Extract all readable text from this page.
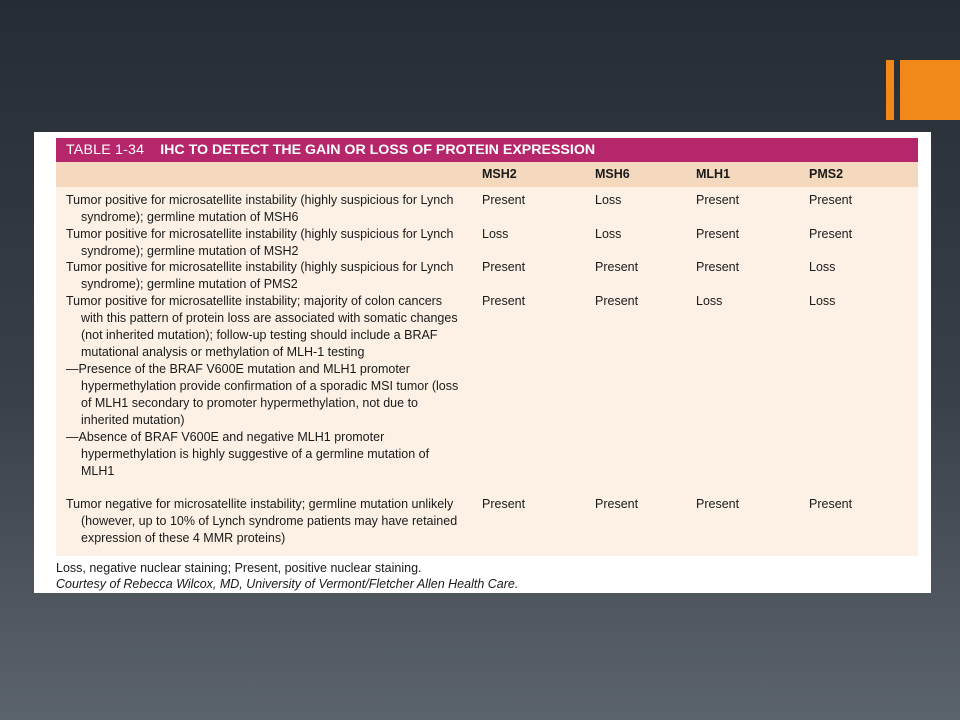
TABLE 1-34 IHC TO DETECT THE GAIN OR LOSS OF PROTEIN EXPRESSION
MSH2	MSH6	MLH1	PMS2
Tumor positive for microsatellite instability (highly suspicious for Lynch syndrome); germline mutation of MSH6
Present	Loss	Present	Present
Tumor positive for microsatellite instability (highly suspicious for Lynch syndrome); germline mutation of MSH2
Loss	Loss	Present	Present
Tumor positive for microsatellite instability (highly suspicious for Lynch syndrome); germline mutation of PMS2
Present	Present	Present	Loss
Tumor positive for microsatellite instability; majority of colon cancers with this pattern of protein loss are associated with somatic changes (not inherited mutation); follow-up testing should include a BRAF mutational analysis or methylation of MLH-1 testing
—Presence of the BRAF V600E mutation and MLH1 promoter hypermethylation provide confirmation of a sporadic MSI tumor (loss of MLH1 secondary to promoter hypermethylation, not due to inherited mutation)
—Absence of BRAF V600E and negative MLH1 promoter hypermethylation is highly suggestive of a germline mutation of MLH1
Present	Present	Loss	Loss
Tumor negative for microsatellite instability; germline mutation unlikely (however, up to 10% of Lynch syndrome patients may have retained expression of these 4 MMR proteins)
Present	Present	Present	Present
Loss, negative nuclear staining; Present, positive nuclear staining.
Courtesy of Rebecca Wilcox, MD, University of Vermont/Fletcher Allen Health Care.
